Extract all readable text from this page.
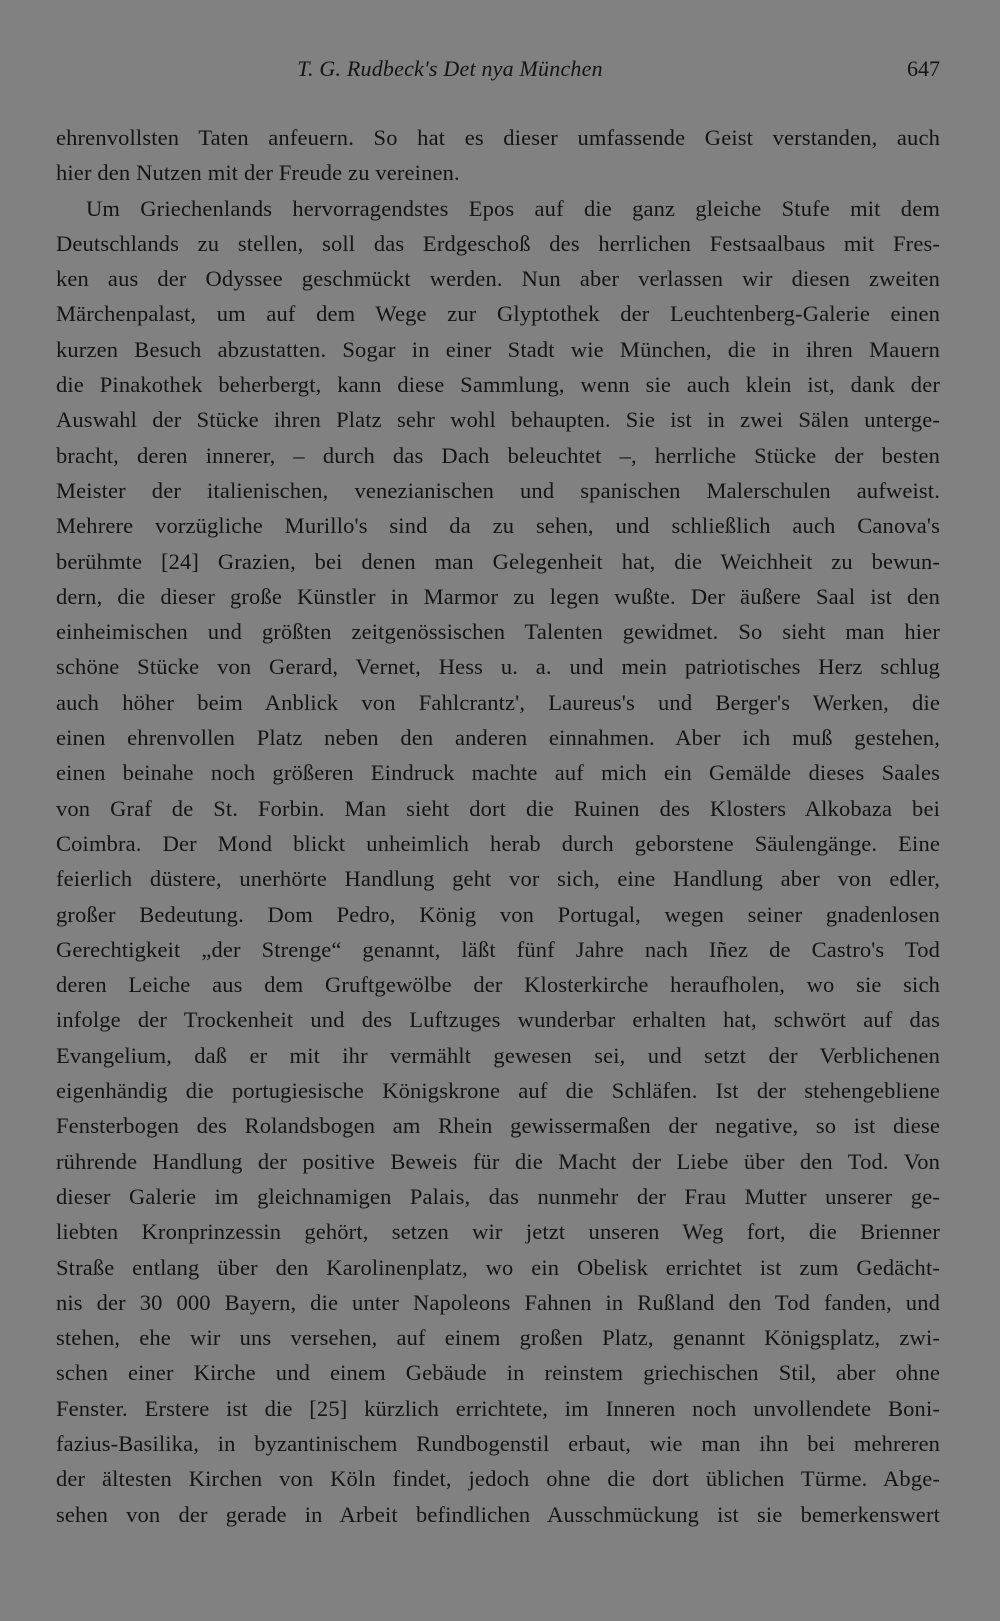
T. G. Rudbeck's Det nya München	647
ehrenvollsten Taten anfeuern. So hat es dieser umfassende Geist verstanden, auch
hier den Nutzen mit der Freude zu vereinen.
Um Griechenlands hervorragendstes Epos auf die ganz gleiche Stufe mit dem
Deutschlands zu stellen, soll das Erdgeschoß des herrlichen Festsaalbaus mit Fres-
ken aus der Odyssee geschmückt werden. Nun aber verlassen wir diesen zweiten
Märchenpalast, um auf dem Wege zur Glyptothek der Leuchtenberg-Galerie einen
kurzen Besuch abzustatten. Sogar in einer Stadt wie München, die in ihren Mauern
die Pinakothek beherbergt, kann diese Sammlung, wenn sie auch klein ist, dank der
Auswahl der Stücke ihren Platz sehr wohl behaupten. Sie ist in zwei Sälen unterge-
bracht, deren innerer, – durch das Dach beleuchtet –, herrliche Stücke der besten
Meister der italienischen, venezianischen und spanischen Malerschulen aufweist.
Mehrere vorzügliche Murillo's sind da zu sehen, und schließlich auch Canova's
berühmte [24] Grazien, bei denen man Gelegenheit hat, die Weichheit zu bewun-
dern, die dieser große Künstler in Marmor zu legen wußte. Der äußere Saal ist den
einheimischen und größten zeitgenössischen Talenten gewidmet. So sieht man hier
schöne Stücke von Gerard, Vernet, Hess u. a. und mein patriotisches Herz schlug
auch höher beim Anblick von Fahlcrantz', Laureus's und Berger's Werken, die
einen ehrenvollen Platz neben den anderen einnahmen. Aber ich muß gestehen,
einen beinahe noch größeren Eindruck machte auf mich ein Gemälde dieses Saales
von Graf de St. Forbin. Man sieht dort die Ruinen des Klosters Alkobaza bei
Coimbra. Der Mond blickt unheimlich herab durch geborstene Säulengänge. Eine
feierlich düstere, unerhörte Handlung geht vor sich, eine Handlung aber von edler,
großer Bedeutung. Dom Pedro, König von Portugal, wegen seiner gnadenlosen
Gerechtigkeit „der Strenge“ genannt, läßt fünf Jahre nach Iñez de Castro's Tod
deren Leiche aus dem Gruftgewölbe der Klosterkirche heraufholen, wo sie sich
infolge der Trockenheit und des Luftzuges wunderbar erhalten hat, schwört auf das
Evangelium, daß er mit ihr vermählt gewesen sei, und setzt der Verblichenen
eigenhändig die portugiesische Königskrone auf die Schläfen. Ist der stehengebliene
Fensterbogen des Rolandsbogen am Rhein gewissermaßen der negative, so ist diese
rührende Handlung der positive Beweis für die Macht der Liebe über den Tod. Von
dieser Galerie im gleichnamigen Palais, das nunmehr der Frau Mutter unserer ge-
liebten Kronprinzessin gehört, setzen wir jetzt unseren Weg fort, die Brienner
Straße entlang über den Karolinenplatz, wo ein Obelisk errichtet ist zum Gedächt-
nis der 30 000 Bayern, die unter Napoleons Fahnen in Rußland den Tod fanden, und
stehen, ehe wir uns versehen, auf einem großen Platz, genannt Königsplatz, zwi-
schen einer Kirche und einem Gebäude in reinstem griechischen Stil, aber ohne
Fenster. Erstere ist die [25] kürzlich errichtete, im Inneren noch unvollendete Boni-
fazius-Basilika, in byzantinischem Rundbogenstil erbaut, wie man ihn bei mehreren
der ältesten Kirchen von Köln findet, jedoch ohne die dort üblichen Türme. Abge-
sehen von der gerade in Arbeit befindlichen Ausschmückung ist sie bemerkenswert
